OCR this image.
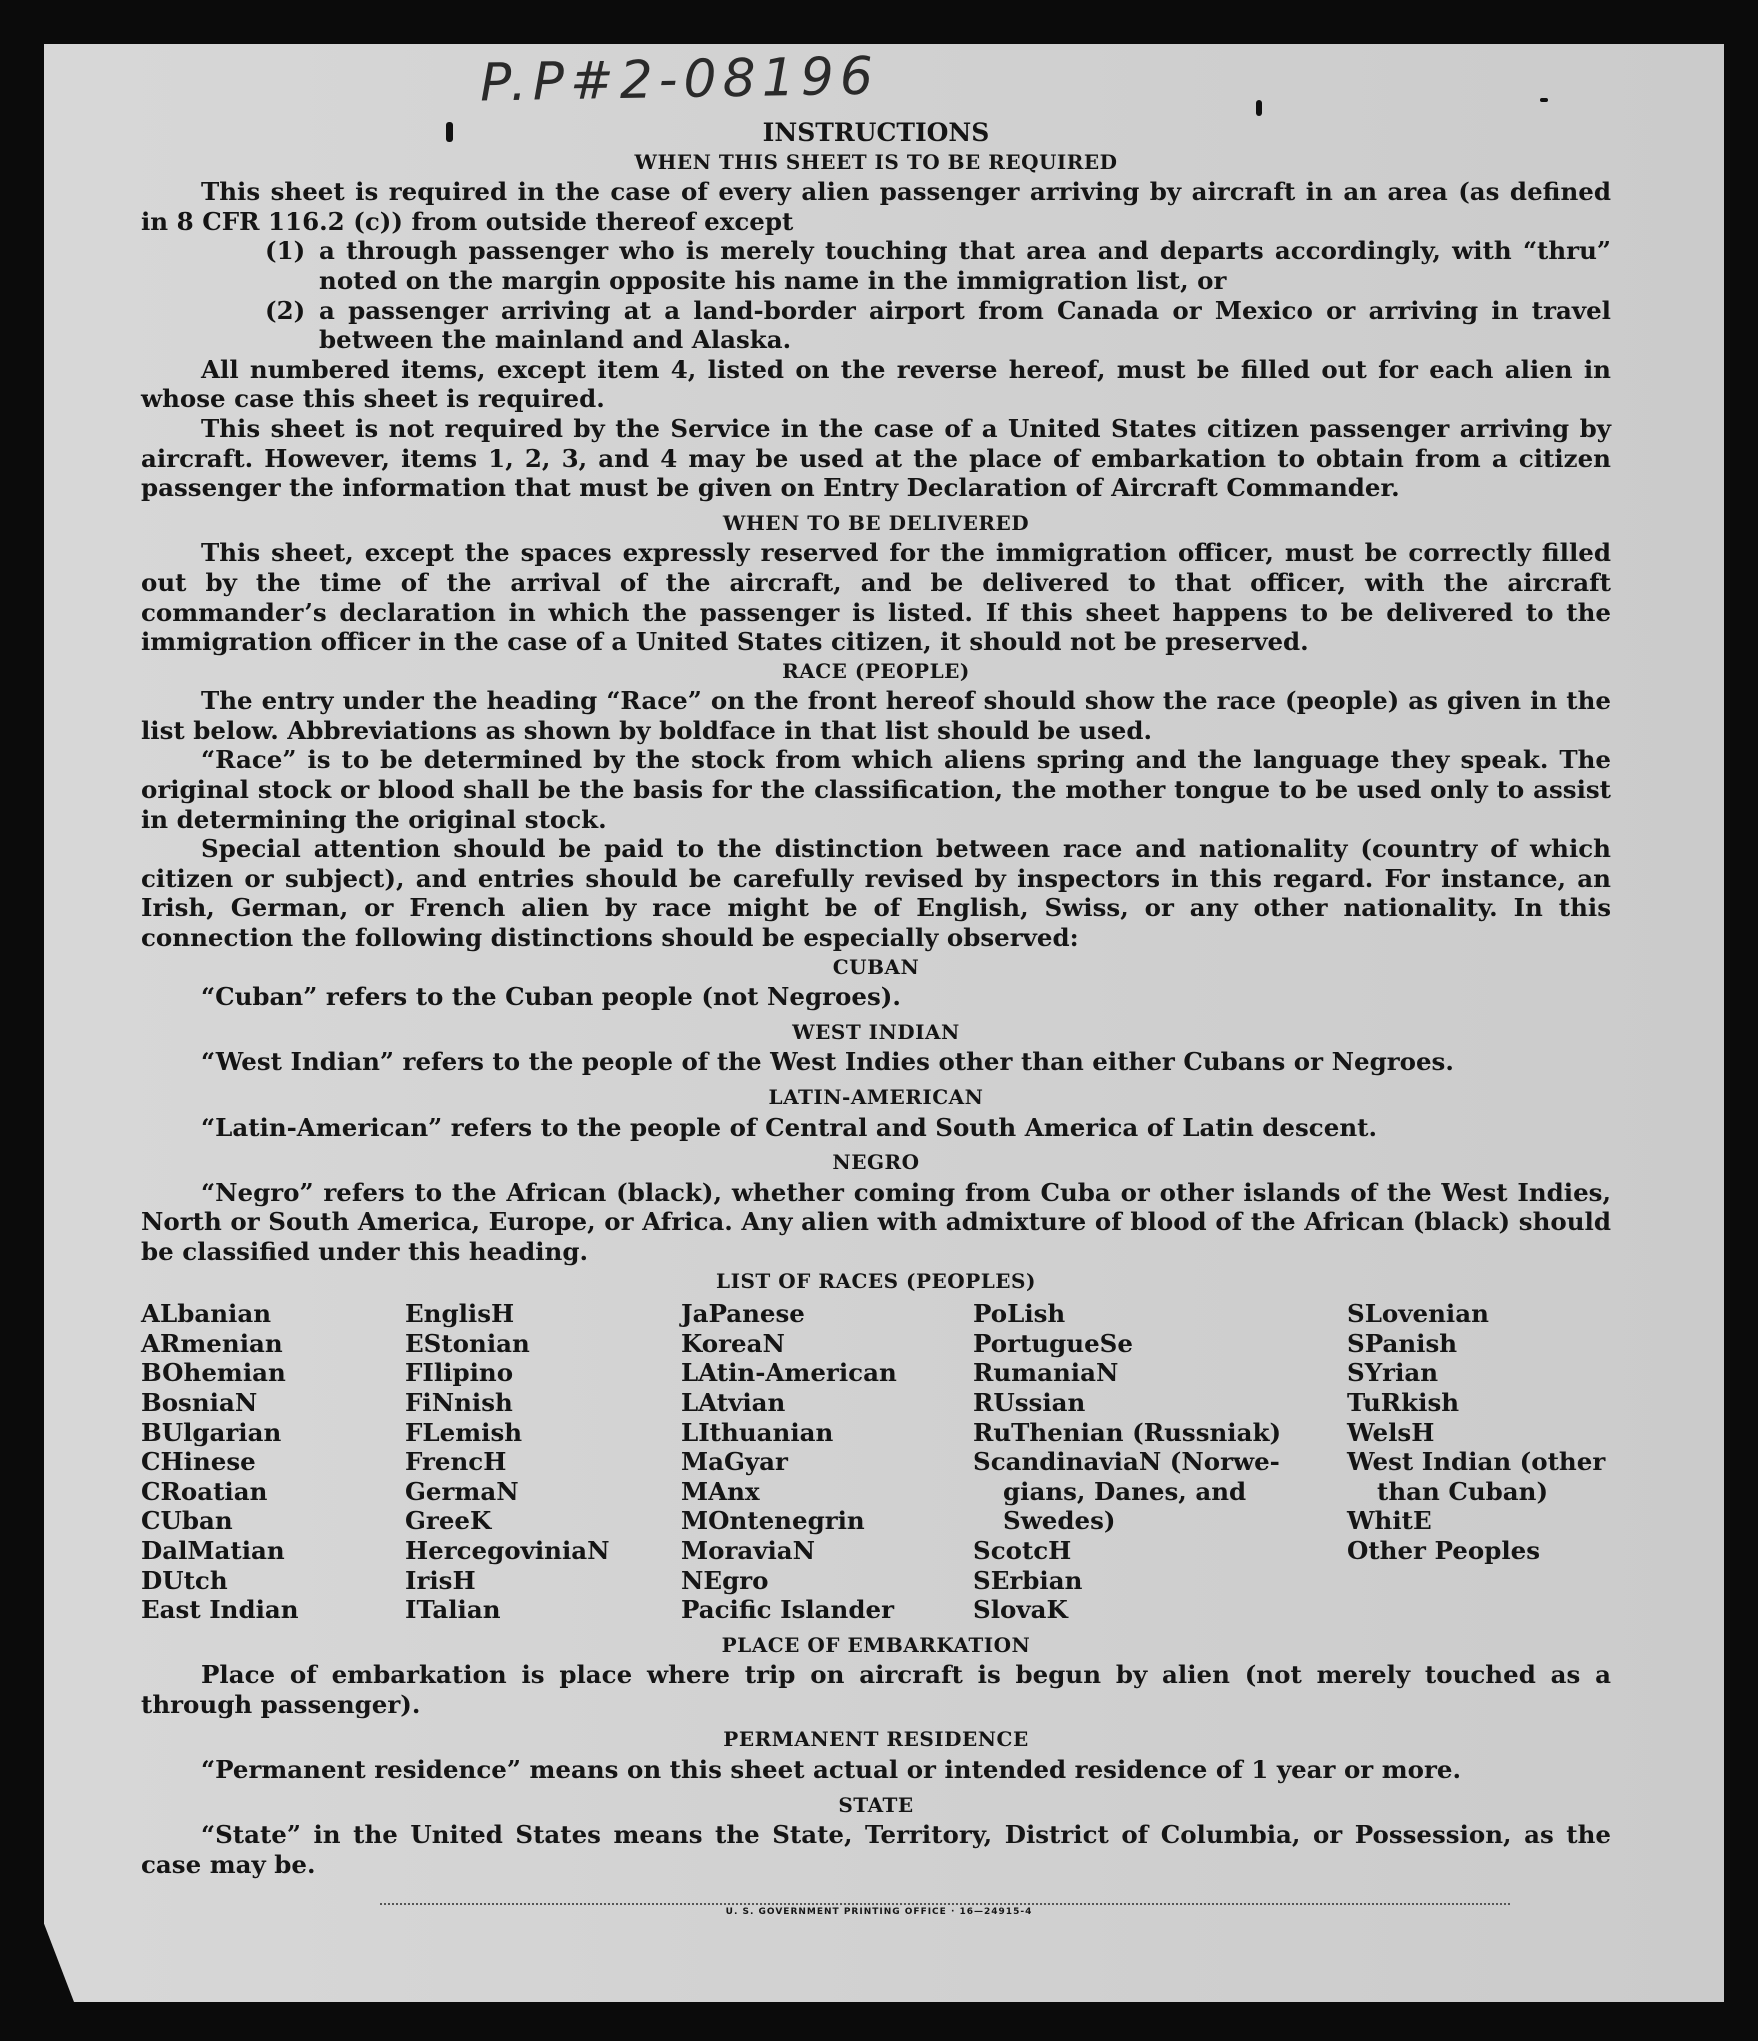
P.P#2-08196

INSTRUCTIONS

WHEN THIS SHEET IS TO BE REQUIRED

This sheet is required in the case of every alien passenger arriving by aircraft in an area (as defined in 8 CFR 116.2 (c)) from outside thereof except

(1) a through passenger who is merely touching that area and departs accordingly, with “thru” noted on the margin opposite his name in the immigration list, or
(2) a passenger arriving at a land-border airport from Canada or Mexico or arriving in travel between the mainland and Alaska.

All numbered items, except item 4, listed on the reverse hereof, must be filled out for each alien in whose case this sheet is required.

This sheet is not required by the Service in the case of a United States citizen passenger arriving by aircraft. However, items 1, 2, 3, and 4 may be used at the place of embarkation to obtain from a citizen passenger the information that must be given on Entry Declaration of Aircraft Commander.

WHEN TO BE DELIVERED

This sheet, except the spaces expressly reserved for the immigration officer, must be correctly filled out by the time of the arrival of the aircraft, and be delivered to that officer, with the aircraft commander’s declaration in which the passenger is listed. If this sheet happens to be delivered to the immigration officer in the case of a United States citizen, it should not be preserved.

RACE (PEOPLE)

The entry under the heading “Race” on the front hereof should show the race (people) as given in the list below. Abbreviations as shown by boldface in that list should be used.

“Race” is to be determined by the stock from which aliens spring and the language they speak. The original stock or blood shall be the basis for the classification, the mother tongue to be used only to assist in determining the original stock.

Special attention should be paid to the distinction between race and nationality (country of which citizen or subject), and entries should be carefully revised by inspectors in this regard. For instance, an Irish, German, or French alien by race might be of English, Swiss, or any other nationality. In this connection the following distinctions should be especially observed:

CUBAN

“Cuban” refers to the Cuban people (not Negroes).

WEST INDIAN

“West Indian” refers to the people of the West Indies other than either Cubans or Negroes.

LATIN-AMERICAN

“Latin-American” refers to the people of Central and South America of Latin descent.

NEGRO

“Negro” refers to the African (black), whether coming from Cuba or other islands of the West Indies, North or South America, Europe, or Africa. Any alien with admixture of blood of the African (black) should be classified under this heading.

LIST OF RACES (PEOPLES)

ALbanian
ARmenian
BOhemian
BosniaN
BUlgarian
CHinese
CRoatian
CUban
DalMatian
DUtch
East Indian
EnglisH
EStonian
FIlipino
FiNnish
FLemish
FrencH
GermaN
GreeK
HercegoviniaN
IrisH
ITalian
JaPanese
KoreaN
LAtin-American
LAtvian
LIthuanian
MaGyar
MAnx
MOntenegrin
MoraviaN
NEgro
Pacific Islander
PoLish
PortugueSe
RumaniaN
RUssian
RuThenian (Russniak)
ScandinaviaN (Norwe-
gians, Danes, and
Swedes)
ScotcH
SErbian
SlovaK
SLovenian
SPanish
SYrian
TuRkish
WelsH
West Indian (other
than Cuban)
WhitE
Other Peoples

PLACE OF EMBARKATION

Place of embarkation is place where trip on aircraft is begun by alien (not merely touched as a through passenger).

PERMANENT RESIDENCE

“Permanent residence” means on this sheet actual or intended residence of 1 year or more.

STATE

“State” in the United States means the State, Territory, District of Columbia, or Possession, as the case may be.

U. S. GOVERNMENT PRINTING OFFICE · 16—24915-4
